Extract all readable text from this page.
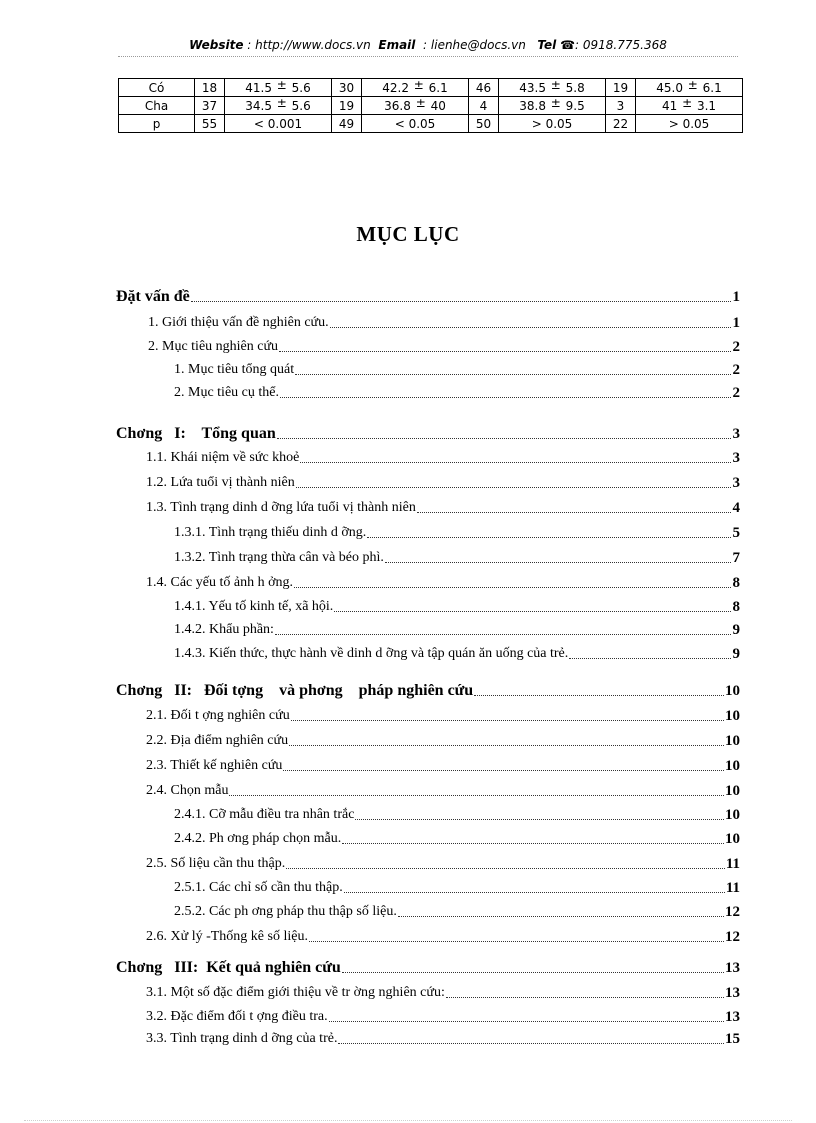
Website : http://www.docs.vn Email : lienhe@docs.vn Tel ☎: 0918.775.368
Có	18	41.5 ± 5.6	30	42.2 ± 6.1	46	43.5 ± 5.8	19	45.0 ± 6.1
Cha	37	34.5 ± 5.6	19	36.8 ± 40	4	38.8 ± 9.5	3	41 ± 3.1
p	55	< 0.001	49	< 0.05	50	> 0.05	22	> 0.05
MỤC LỤC
Đặt vấn đề	1
1. Giới thiệu vấn đề nghiên cứu.	1
2. Mục tiêu nghiên cứu	2
1. Mục tiêu tổng quát	2
2. Mục tiêu cụ thể.	2
Chơng   I:    Tổng quan	3
1.1. Khái niệm về sức khoẻ	3
1.2. Lứa tuổi vị thành niên	3
1.3. Tình trạng dinh d ỡng lứa tuổi vị thành niên	4
1.3.1. Tình trạng thiếu dinh d ỡng.	5
1.3.2. Tình trạng thừa cân và béo phì.	7
1.4. Các yếu tố ảnh h ởng.	8
1.4.1. Yếu tố kinh tế, xã hội.	8
1.4.2. Khẩu phần:	9
1.4.3. Kiến thức, thực hành về dinh d ỡng và tập quán ăn uống của trẻ.	9
Chơng   II:   Đối tợng    và phơng    pháp nghiên cứu	10
2.1. Đối t ợng nghiên cứu	10
2.2. Địa điểm nghiên cứu	10
2.3. Thiết kế nghiên cứu	10
2.4. Chọn mẫu	10
2.4.1. Cỡ mẫu điều tra nhân trắc	10
2.4.2. Ph ơng pháp chọn mẫu.	10
2.5. Số liệu cần thu thập.	11
2.5.1. Các chỉ số cần thu thập.	11
2.5.2. Các ph ơng pháp thu thập số liệu.	12
2.6. Xử lý -Thống kê số liệu.	12
Chơng   III:  Kết quả nghiên cứu	13
3.1. Một số đặc điểm giới thiệu về tr ờng nghiên cứu:	13
3.2. Đặc điểm đối t ợng điều tra.	13
3.3. Tình trạng dinh d ỡng của trẻ.	15
